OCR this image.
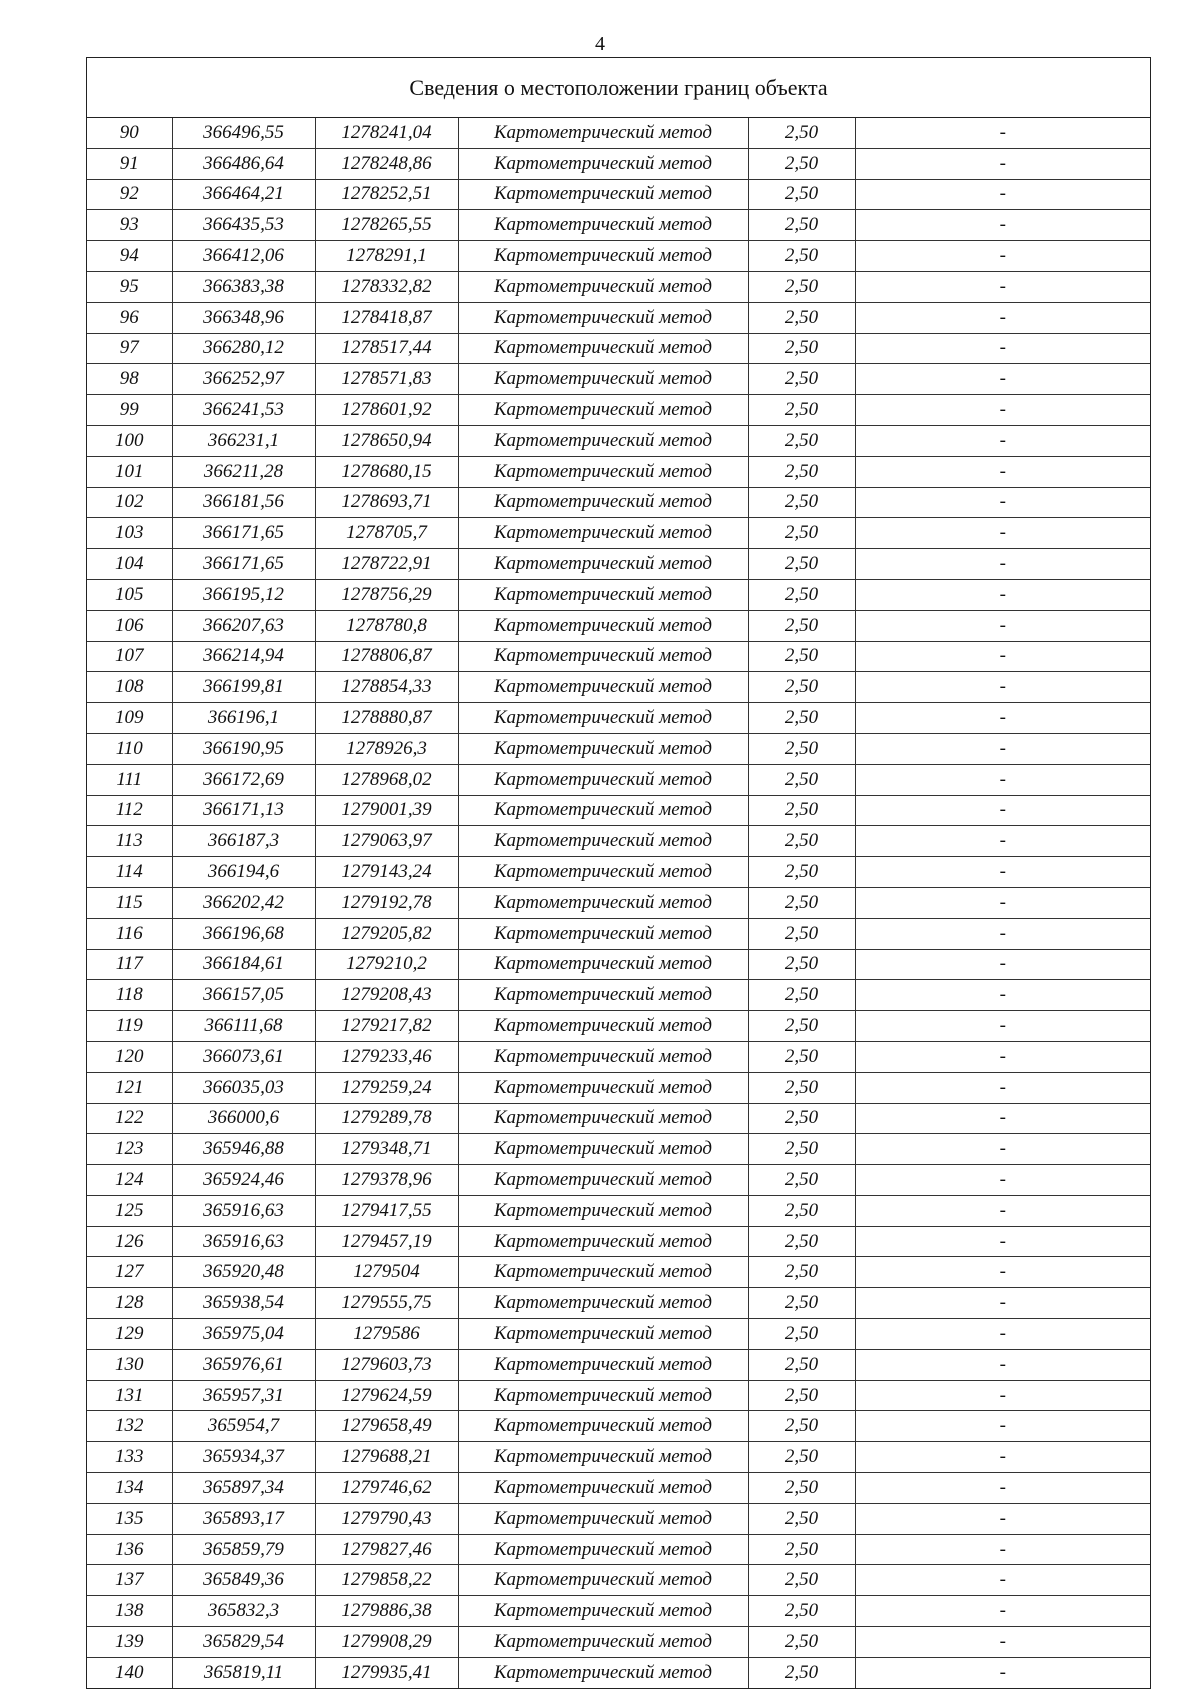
4
Сведения о местоположении границ объекта
90	366496,55	1278241,04	Картометрический метод	2,50	-
91	366486,64	1278248,86	Картометрический метод	2,50	-
92	366464,21	1278252,51	Картометрический метод	2,50	-
93	366435,53	1278265,55	Картометрический метод	2,50	-
94	366412,06	1278291,1	Картометрический метод	2,50	-
95	366383,38	1278332,82	Картометрический метод	2,50	-
96	366348,96	1278418,87	Картометрический метод	2,50	-
97	366280,12	1278517,44	Картометрический метод	2,50	-
98	366252,97	1278571,83	Картометрический метод	2,50	-
99	366241,53	1278601,92	Картометрический метод	2,50	-
100	366231,1	1278650,94	Картометрический метод	2,50	-
101	366211,28	1278680,15	Картометрический метод	2,50	-
102	366181,56	1278693,71	Картометрический метод	2,50	-
103	366171,65	1278705,7	Картометрический метод	2,50	-
104	366171,65	1278722,91	Картометрический метод	2,50	-
105	366195,12	1278756,29	Картометрический метод	2,50	-
106	366207,63	1278780,8	Картометрический метод	2,50	-
107	366214,94	1278806,87	Картометрический метод	2,50	-
108	366199,81	1278854,33	Картометрический метод	2,50	-
109	366196,1	1278880,87	Картометрический метод	2,50	-
110	366190,95	1278926,3	Картометрический метод	2,50	-
111	366172,69	1278968,02	Картометрический метод	2,50	-
112	366171,13	1279001,39	Картометрический метод	2,50	-
113	366187,3	1279063,97	Картометрический метод	2,50	-
114	366194,6	1279143,24	Картометрический метод	2,50	-
115	366202,42	1279192,78	Картометрический метод	2,50	-
116	366196,68	1279205,82	Картометрический метод	2,50	-
117	366184,61	1279210,2	Картометрический метод	2,50	-
118	366157,05	1279208,43	Картометрический метод	2,50	-
119	366111,68	1279217,82	Картометрический метод	2,50	-
120	366073,61	1279233,46	Картометрический метод	2,50	-
121	366035,03	1279259,24	Картометрический метод	2,50	-
122	366000,6	1279289,78	Картометрический метод	2,50	-
123	365946,88	1279348,71	Картометрический метод	2,50	-
124	365924,46	1279378,96	Картометрический метод	2,50	-
125	365916,63	1279417,55	Картометрический метод	2,50	-
126	365916,63	1279457,19	Картометрический метод	2,50	-
127	365920,48	1279504	Картометрический метод	2,50	-
128	365938,54	1279555,75	Картометрический метод	2,50	-
129	365975,04	1279586	Картометрический метод	2,50	-
130	365976,61	1279603,73	Картометрический метод	2,50	-
131	365957,31	1279624,59	Картометрический метод	2,50	-
132	365954,7	1279658,49	Картометрический метод	2,50	-
133	365934,37	1279688,21	Картометрический метод	2,50	-
134	365897,34	1279746,62	Картометрический метод	2,50	-
135	365893,17	1279790,43	Картометрический метод	2,50	-
136	365859,79	1279827,46	Картометрический метод	2,50	-
137	365849,36	1279858,22	Картометрический метод	2,50	-
138	365832,3	1279886,38	Картометрический метод	2,50	-
139	365829,54	1279908,29	Картометрический метод	2,50	-
140	365819,11	1279935,41	Картометрический метод	2,50	-
